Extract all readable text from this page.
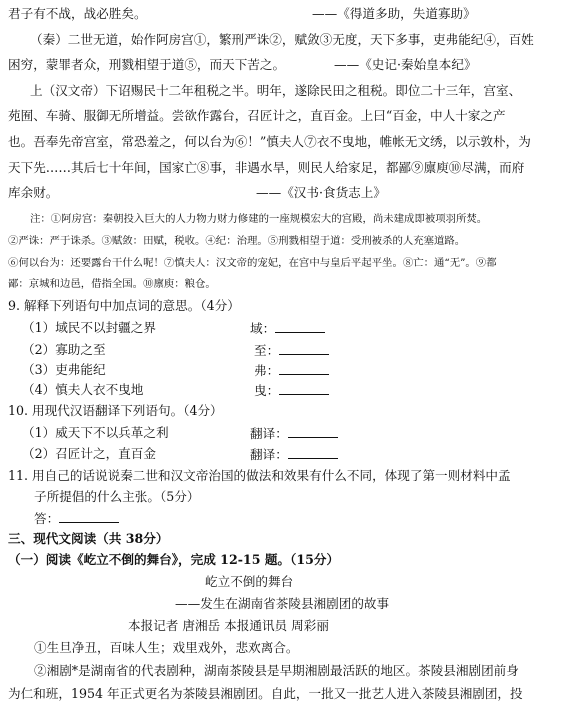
君子有不战，战必胜矣。	——《得道多助，失道寡助》
（秦）二世无道，始作阿房宫①，繁刑严诛②，赋敛③无度，天下多事，吏弗能纪④，百姓
困穷，蒙罪者众，刑戮相望于道⑤，而天下苦之。	——《史记·秦始皇本纪》
上（汉文帝）下诏赐民十二年租税之半。明年，遂除民田之租税。即位二十三年，宫室、
苑囿、车骑、服御无所增益。尝欲作露台，召匠计之，直百金。上曰“百金，中人十家之产
也。吾奉先帝宫室，常恐羞之，何以台为⑥！”慎夫人⑦衣不曳地，帷帐无文绣，以示敦朴，为
天下先……其后七十年间，国家亡⑧事，非遇水旱，则民人给家足，都鄙⑨廪庾⑩尽满，而府
库余财。	——《汉书·食货志上》
注：①阿房宫：秦朝投入巨大的人力物力财力修建的一座规模宏大的宫殿，尚未建成即被项羽所焚。
②严诛：严于诛杀。③赋敛：田赋，税收。④纪：治理。⑤刑戮相望于道：受刑被杀的人充塞道路。
⑥何以台为：还要露台干什么呢！⑦慎夫人：汉文帝的宠妃，在宫中与皇后平起平坐。⑧亡：通“无”。⑨都
鄙：京城和边邑，借指全国。⑩廪庾：粮仓。
9. 解释下列语句中加点词的意思。（4分）
（1）域民不以封疆之界	域：
（2）寡助之至	至：
（3）吏弗能纪	弗：
（4）慎夫人衣不曳地	曳：
10. 用现代汉语翻译下列语句。（4分）
（1）威天下不以兵革之利	翻译：
（2）召匠计之，直百金	翻译：
11. 用自己的话说说秦二世和汉文帝治国的做法和效果有什么不同，体现了第一则材料中孟
子所提倡的什么主张。（5分）
答：
三、现代文阅读（共 38分）
（一）阅读《屹立不倒的舞台》，完成 12-15 题。（15分）
屹立不倒的舞台
——发生在湖南省茶陵县湘剧团的故事
本报记者 唐湘岳 本报通讯员 周彩丽
①生旦净丑，百味人生；戏里戏外，悲欢离合。
②湘剧*是湖南省的代表剧种，湖南茶陵县是早期湘剧最活跃的地区。茶陵县湘剧团前身
为仁和班，1954 年正式更名为茶陵县湘剧团。自此，一批又一批艺人进入茶陵县湘剧团，投
